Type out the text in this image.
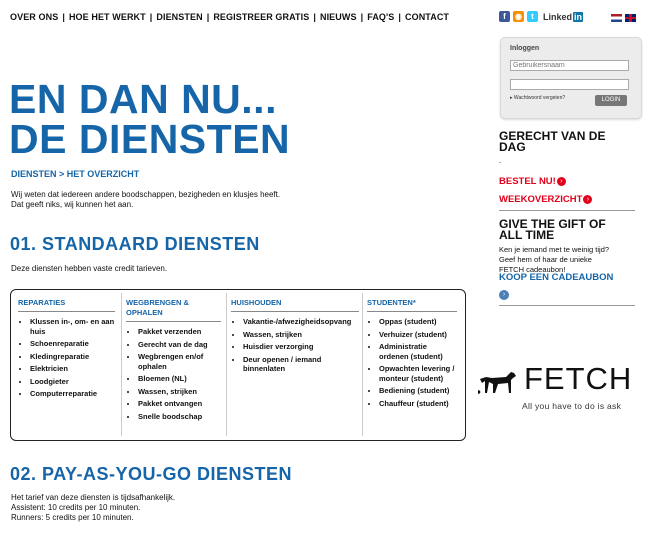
OVER ONS | HOE HET WERKT | DIENSTEN | REGISTREER GRATIS | NIEUWS | FAQ'S | CONTACT	f	◉	t	Linked in
Inloggen
Gebruikersnaam
▸ Wachtwoord vergeten?	LOGIN
GERECHT VAN DE DAG
.
BESTEL NU! ›
WEEKOVERZICHT ›
GIVE THE GIFT OF ALL TIME
Ken je iemand met te weinig tijd?
Geef hem of haar de unieke
FETCH cadeaubon!
KOOP EEN CADEAUBON
›
EN DAN NU...
DE DIENSTEN
DIENSTEN > HET OVERZICHT
Wij weten dat iedereen andere boodschappen, bezigheden en klusjes heeft.
Dat geeft niks, wij kunnen het aan.
01. STANDAARD DIENSTEN
Deze diensten hebben vaste credit tarieven.
REPARATIES
• Klussen in-, om- en aan huis
• Schoenreparatie
• Kledingreparatie
• Elektricien
• Loodgieter
• Computerreparatie
WEGBRENGEN & OPHALEN
• Pakket verzenden
• Gerecht van de dag
• Wegbrengen en/of ophalen
• Bloemen (NL)
• Wassen, strijken
• Pakket ontvangen
• Snelle boodschap
HUISHOUDEN
• Vakantie-/afwezigheidsopvang
• Wassen, strijken
• Huisdier verzorging
• Deur openen / iemand binnenlaten
STUDENTEN*
• Oppas (student)
• Verhuizer (student)
• Administratie ordenen (student)
• Opwachten levering / monteur (student)
• Bediening (student)
• Chauffeur (student)
02. PAY-AS-YOU-GO DIENSTEN
Het tarief van deze diensten is tijdsafhankelijk.
Assistent: 10 credits per 10 minuten.
Runners: 5 credits per 10 minuten.
FETCH
All you have to do is ask
